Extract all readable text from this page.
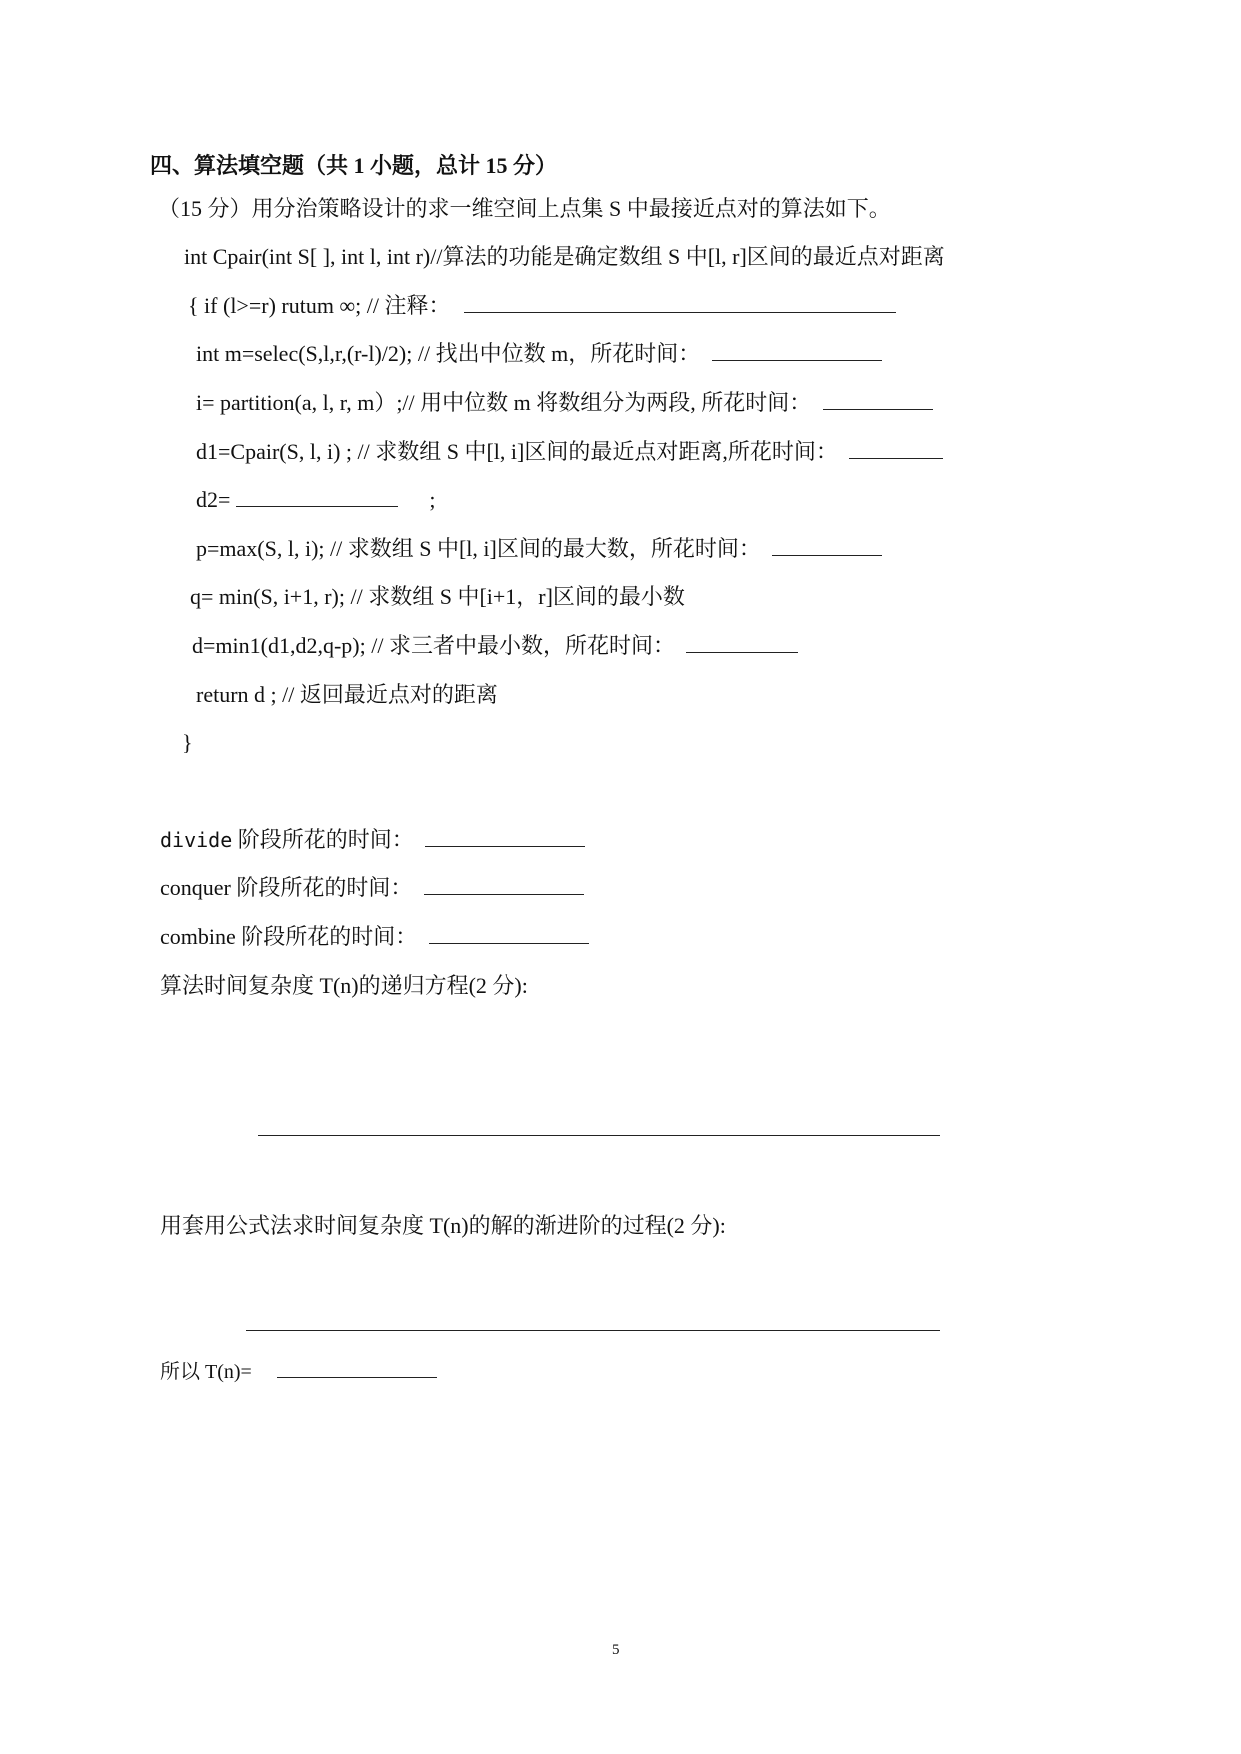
四、算法填空题（共 1 小题，总计 15 分）
（15 分）用分治策略设计的求一维空间上点集 S 中最接近点对的算法如下。
int Cpair(int S[ ], int l, int r)//算法的功能是确定数组 S 中[l, r]区间的最近点对距离
{ if (l>=r) rutum ∞; // 注释：
int m=selec(S,l,r,(r-l)/2); // 找出中位数 m，所花时间：
i= partition(a, l, r, m）;// 用中位数 m 将数组分为两段, 所花时间：
d1=Cpair(S, l, i) ; // 求数组 S 中[l, i]区间的最近点对距离,所花时间：
d2=	;
p=max(S, l, i); // 求数组 S 中[l, i]区间的最大数，所花时间：
q= min(S, i+1, r); // 求数组 S 中[i+1，r]区间的最小数
d=min1(d1,d2,q-p); // 求三者中最小数，所花时间：
return d ; // 返回最近点对的距离
}
divide 阶段所花的时间：
conquer 阶段所花的时间：
combine 阶段所花的时间：
算法时间复杂度 T(n)的递归方程(2 分):
用套用公式法求时间复杂度 T(n)的解的渐进阶的过程(2 分):
所以 T(n)=
5
